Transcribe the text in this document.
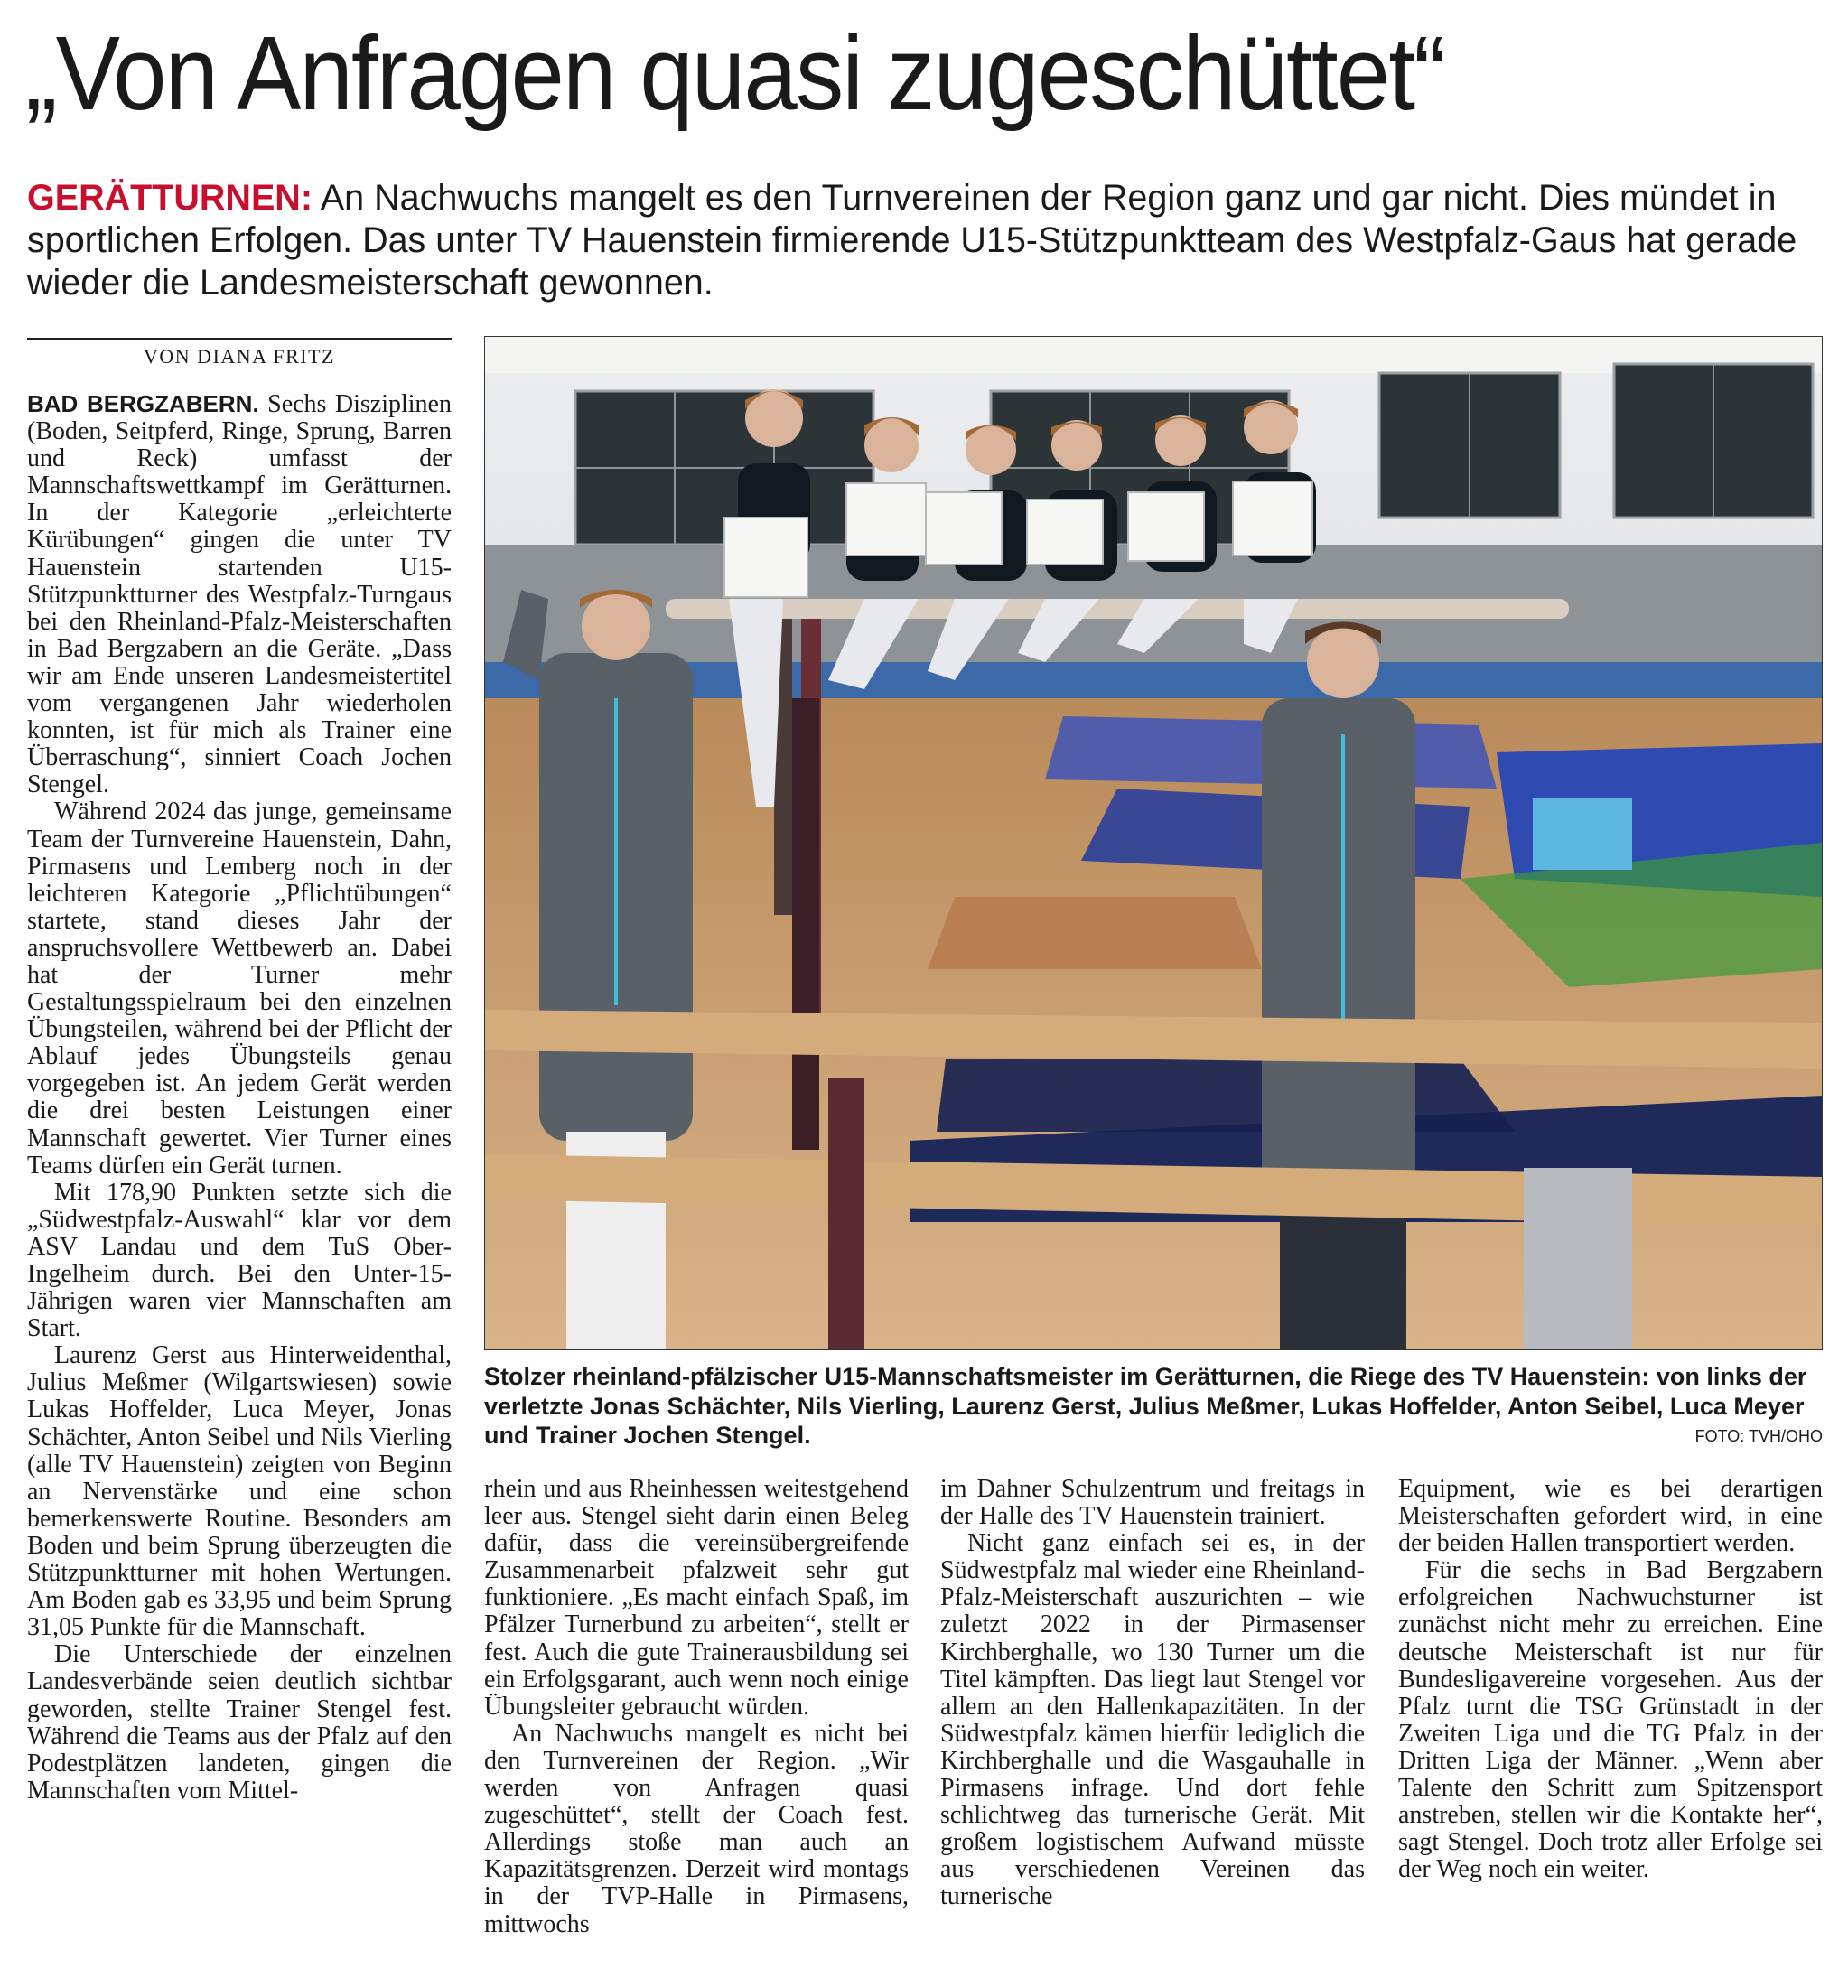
„Von Anfragen quasi zugeschüttet“
GERÄTTURNEN: An Nachwuchs mangelt es den Turnvereinen der Region ganz und gar nicht. Dies mündet in sportlichen Erfolgen. Das unter TV Hauenstein firmierende U15-Stützpunktteam des Westpfalz-Gaus hat gerade wieder die Landesmeisterschaft gewonnen.
VON DIANA FRITZ

BAD BERGZABERN. Sechs Disziplinen (Boden, Seitpferd, Ringe, Sprung, Barren und Reck) umfasst der Mannschaftswettkampf im Gerätturnen. In der Kategorie „erleichterte Kürübungen“ gingen die unter TV Hauenstein startenden U15-Stützpunktturner des Westpfalz-Turngaus bei den Rheinland-Pfalz-Meisterschaften in Bad Bergzabern an die Geräte. „Dass wir am Ende unseren Landesmeistertitel vom vergangenen Jahr wiederholen konnten, ist für mich als Trainer eine Überraschung“, sinniert Coach Jochen Stengel.

Während 2024 das junge, gemeinsame Team der Turnvereine Hauenstein, Dahn, Pirmasens und Lemberg noch in der leichteren Kategorie „Pflichtübungen“ startete, stand dieses Jahr der anspruchsvollere Wettbewerb an. Dabei hat der Turner mehr Gestaltungsspielraum bei den einzelnen Übungsteilen, während bei der Pflicht der Ablauf jedes Übungsteils genau vorgegeben ist. An jedem Gerät werden die drei besten Leistungen einer Mannschaft gewertet. Vier Turner eines Teams dürfen ein Gerät turnen.

Mit 178,90 Punkten setzte sich die „Südwestpfalz-Auswahl“ klar vor dem ASV Landau und dem TuS Ober-Ingelheim durch. Bei den Unter-15-Jährigen waren vier Mannschaften am Start.

Laurenz Gerst aus Hinterweidenthal, Julius Meßmer (Wilgartswiesen) sowie Lukas Hoffelder, Luca Meyer, Jonas Schächter, Anton Seibel und Nils Vierling (alle TV Hauenstein) zeigten von Beginn an Nervenstärke und eine schon bemerkenswerte Routine. Besonders am Boden und beim Sprung überzeugten die Stützpunktturner mit hohen Wertungen. Am Boden gab es 33,95 und beim Sprung 31,05 Punkte für die Mannschaft.

Die Unterschiede der einzelnen Landesverbände seien deutlich sichtbar geworden, stellte Trainer Stengel fest. Während die Teams aus der Pfalz auf den Podestplätzen landeten, gingen die Mannschaften vom Mittel-

Stolzer rheinland-pfälzischer U15-Mannschaftsmeister im Gerätturnen, die Riege des TV Hauenstein: von links der verletzte Jonas Schächter, Nils Vierling, Laurenz Gerst, Julius Meßmer, Lukas Hoffelder, Anton Seibel, Luca Meyer und Trainer Jochen Stengel.	FOTO: TVH/OHO

rhein und aus Rheinhessen weitestgehend leer aus. Stengel sieht darin einen Beleg dafür, dass die vereinsübergreifende Zusammenarbeit pfalzweit sehr gut funktioniere. „Es macht einfach Spaß, im Pfälzer Turnerbund zu arbeiten“, stellt er fest. Auch die gute Trainerausbildung sei ein Erfolgsgarant, auch wenn noch einige Übungsleiter gebraucht würden.

An Nachwuchs mangelt es nicht bei den Turnvereinen der Region. „Wir werden von Anfragen quasi zugeschüttet“, stellt der Coach fest. Allerdings stoße man auch an Kapazitätsgrenzen. Derzeit wird montags in der TVP-Halle in Pirmasens, mittwochs

im Dahner Schulzentrum und freitags in der Halle des TV Hauenstein trainiert.

Nicht ganz einfach sei es, in der Südwestpfalz mal wieder eine Rheinland-Pfalz-Meisterschaft auszurichten – wie zuletzt 2022 in der Pirmasenser Kirchberghalle, wo 130 Turner um die Titel kämpften. Das liegt laut Stengel vor allem an den Hallenkapazitäten. In der Südwestpfalz kämen hierfür lediglich die Kirchberghalle und die Wasgauhalle in Pirmasens infrage. Und dort fehle schlichtweg das turnerische Gerät. Mit großem logistischem Aufwand müsste aus verschiedenen Vereinen das turnerische

Equipment, wie es bei derartigen Meisterschaften gefordert wird, in eine der beiden Hallen transportiert werden.

Für die sechs in Bad Bergzabern erfolgreichen Nachwuchsturner ist zunächst nicht mehr zu erreichen. Eine deutsche Meisterschaft ist nur für Bundesligavereine vorgesehen. Aus der Pfalz turnt die TSG Grünstadt in der Zweiten Liga und die TG Pfalz in der Dritten Liga der Männer. „Wenn aber Talente den Schritt zum Spitzensport anstreben, stellen wir die Kontakte her“, sagt Stengel. Doch trotz aller Erfolge sei der Weg noch ein weiter.
